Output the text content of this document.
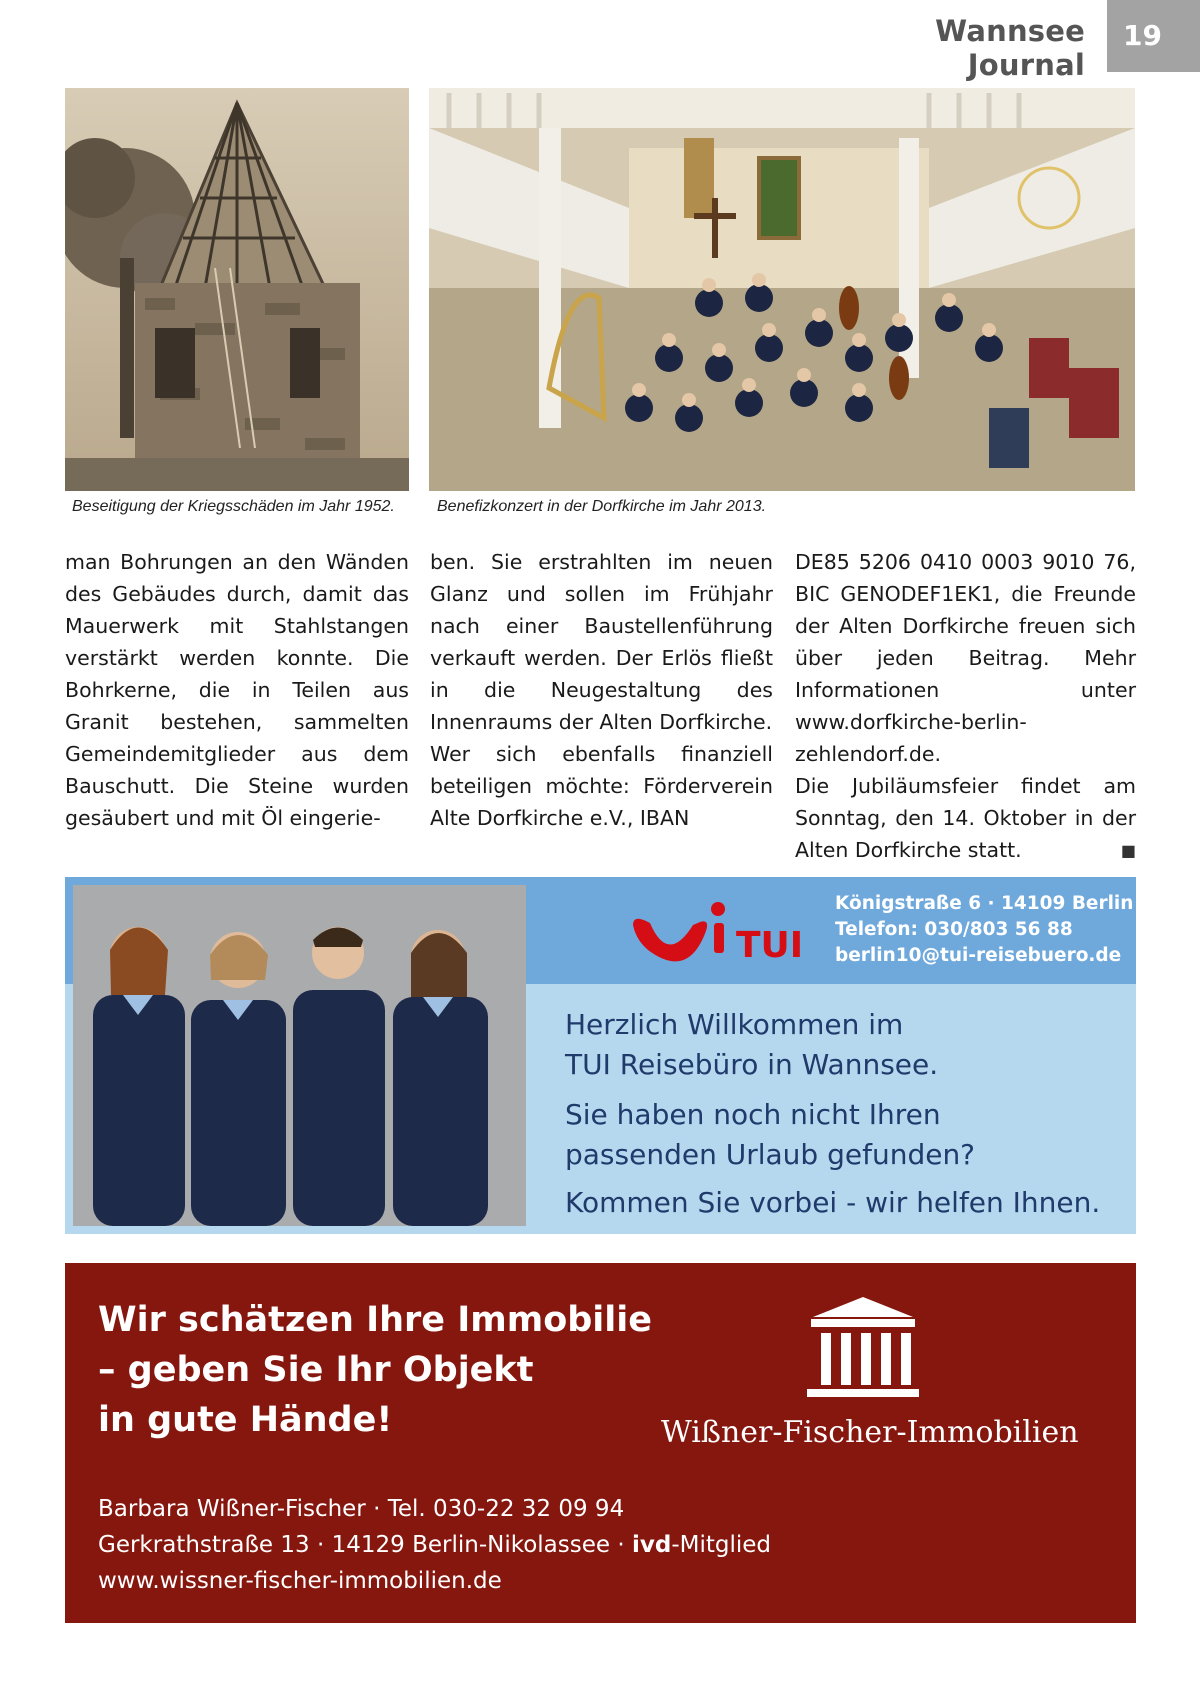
Wannsee Journal
19
Beseitigung der Kriegsschäden im Jahr 1952.	Benefizkonzert in der Dorfkirche im Jahr 2013.

man Bohrungen an den Wänden des Gebäudes durch, damit das Mauerwerk mit Stahlstangen verstärkt werden konnte. Die Bohrkerne, die in Teilen aus Granit bestehen, sammelten Gemeindemitglieder aus dem Bauschutt. Die Steine wurden gesäubert und mit Öl eingerie-

ben. Sie erstrahlten im neuen Glanz und sollen im Frühjahr nach einer Baustellenführung verkauft werden. Der Erlös fließt in die Neugestaltung des Innenraums der Alten Dorfkirche.

Wer sich ebenfalls finanziell beteiligen möchte: Förderverein Alte Dorfkirche e.V., IBAN

DE85 5206 0410 0003 9010 76, BIC GENODEF1EK1, die Freunde der Alten Dorfkirche freuen sich über jeden Beitrag. Mehr Informationen unter www.dorfkirche-berlin-zehlendorf.de.

Die Jubiläumsfeier findet am Sonntag, den 14. Oktober in der Alten Dorfkirche statt.	■

TUI
Königstraße 6 · 14109 Berlin
Telefon: 030/803 56 88
berlin10@tui-reisebuero.de
Herzlich Willkommen im
TUI Reisebüro in Wannsee.
Sie haben noch nicht Ihren
passenden Urlaub gefunden?
Kommen Sie vorbei - wir helfen Ihnen.
Wir schätzen Ihre Immobilie
– geben Sie Ihr Objekt
in gute Hände!	Wißner-Fischer-Immobilien
Barbara Wißner-Fischer · Tel. 030-22 32 09 94
Gerkrathstraße 13 · 14129 Berlin-Nikolassee · ivd-Mitglied
www.wissner-fischer-immobilien.de
